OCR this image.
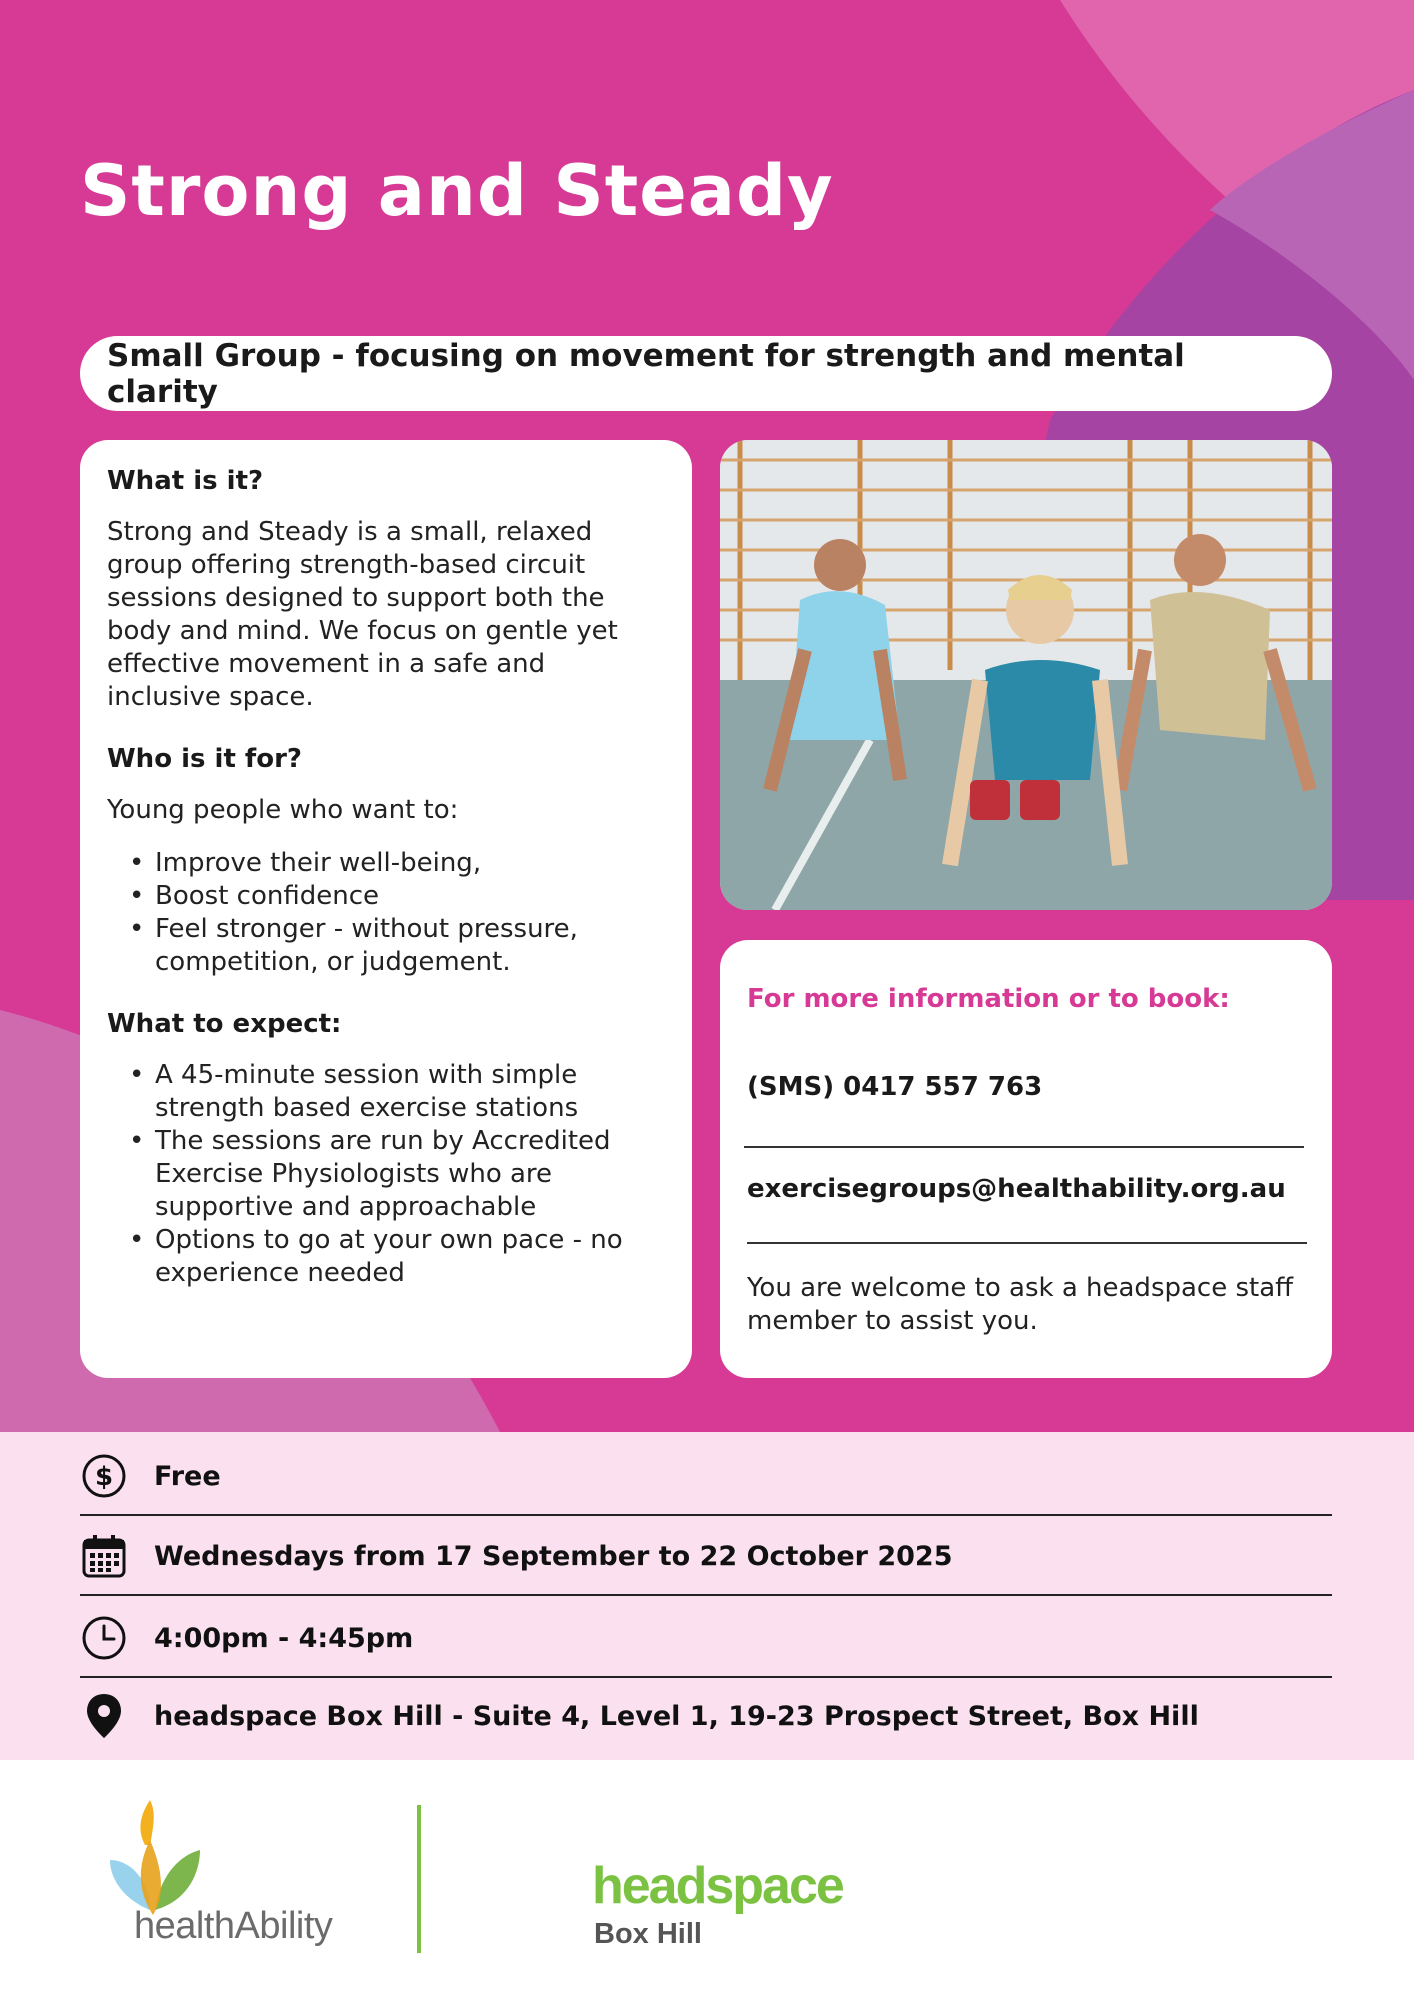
Strong and Steady
Small Group - focusing on movement for strength and mental clarity
What is it?

Strong and Steady is a small, relaxed group offering strength-based circuit sessions designed to support both the body and mind. We focus on gentle yet effective movement in a safe and inclusive space.

Who is it for?

Young people who want to:

• Improve their well-being,
• Boost confidence
• Feel stronger - without pressure, competition, or judgement.
What to expect:
• A 45-minute session with simple strength based exercise stations
• The sessions are run by Accredited Exercise Physiologists who are supportive and approachable
• Options to go at your own pace - no experience needed
For more information or to book:
(SMS) 0417 557 763
exercisegroups@healthability.org.au
You are welcome to ask a headspace staff member to assist you.
$ Free
Wednesdays from 17 September to 22 October 2025
4:00pm - 4:45pm
headspace Box Hill - Suite 4, Level 1, 19-23 Prospect Street, Box Hill
healthAbility
headspace
Box Hill
